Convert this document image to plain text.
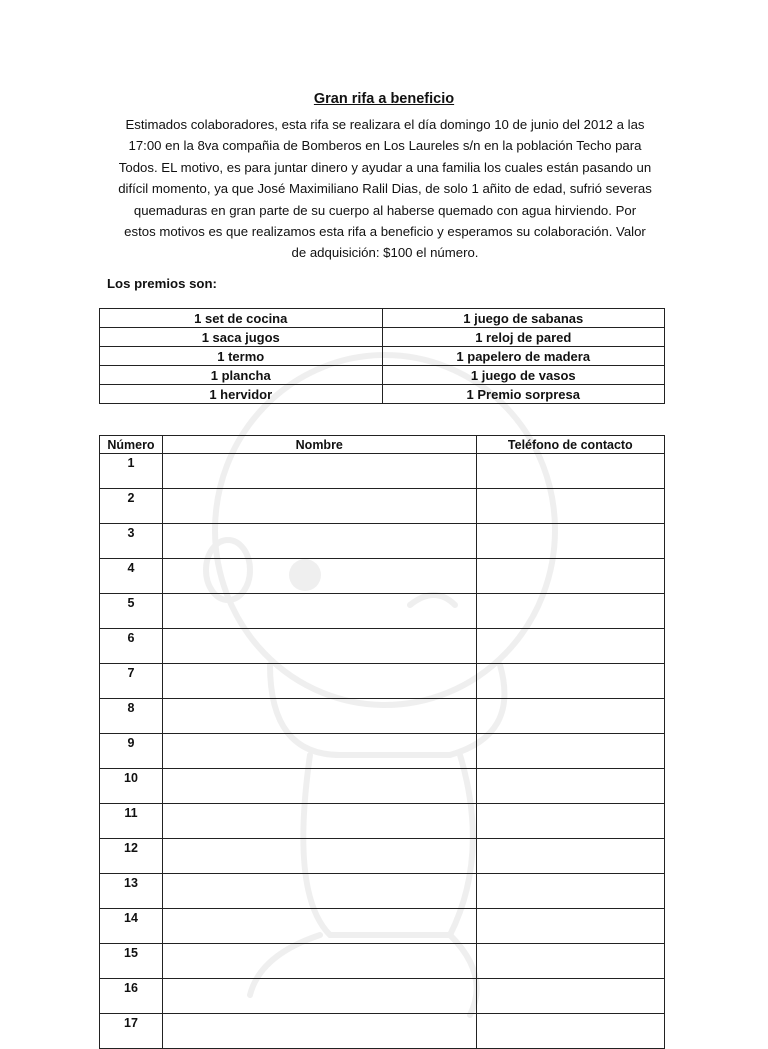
Gran rifa a beneficio
Estimados colaboradores, esta rifa se realizara el día domingo 10 de junio del 2012 a las
17:00 en la 8va compañia de Bomberos en Los Laureles s/n en la población Techo para
Todos. EL motivo, es para juntar dinero y ayudar a una familia los cuales están pasando un
difícil momento, ya que José Maximiliano Ralil Dias, de solo 1 añito de edad, sufrió severas
quemaduras en gran parte de su cuerpo al haberse quemado con agua hirviendo. Por
estos motivos es que realizamos esta rifa a beneficio y esperamos su colaboración. Valor
de adquisición: $100 el número.
Los premios son:
1 set de cocina	1 juego de sabanas
1 saca jugos	1 reloj de pared
1 termo	1 papelero de madera
1 plancha	1 juego de vasos
1 hervidor	1 Premio sorpresa
Número	Nombre	Teléfono de contacto
1		
2		
3		
4		
5		
6		
7		
8		
9		
10		
11		
12		
13		
14		
15		
16		
17		
